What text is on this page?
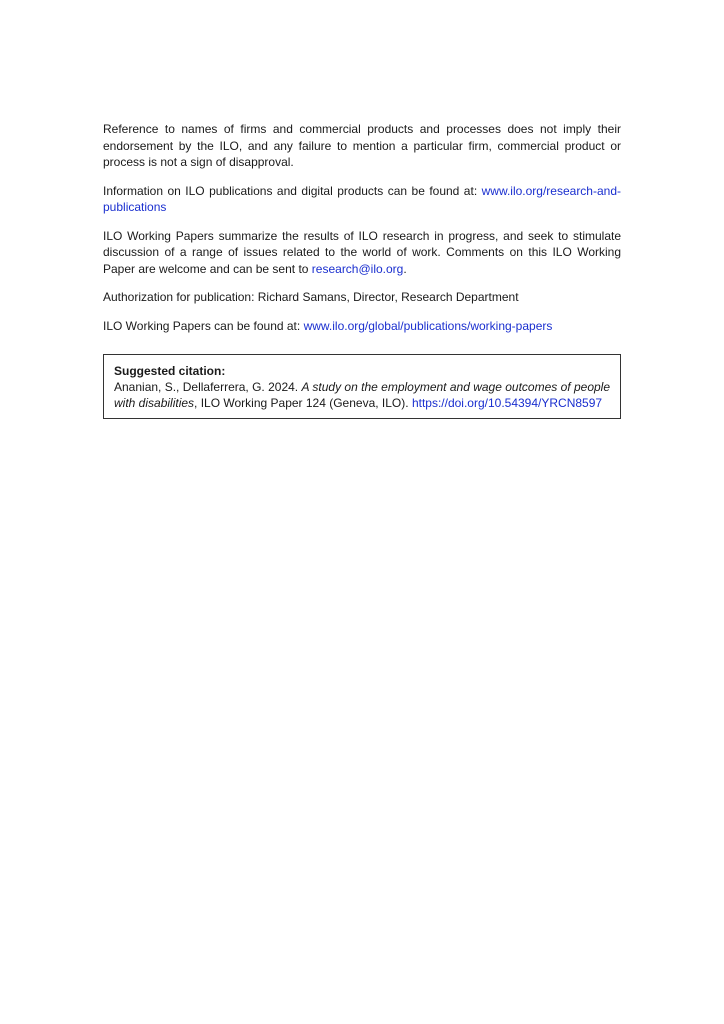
Reference to names of firms and commercial products and processes does not imply their endorsement by the ILO, and any failure to mention a particular firm, commercial product or process is not a sign of disapproval.

Information on ILO publications and digital products can be found at: www.ilo.org/research-and-publications

ILO Working Papers summarize the results of ILO research in progress, and seek to stimulate discussion of a range of issues related to the world of work. Comments on this ILO Working Paper are welcome and can be sent to research@ilo.org.

Authorization for publication: Richard Samans, Director, Research Department

ILO Working Papers can be found at: www.ilo.org/global/publications/working-papers

Suggested citation:

Ananian, S., Dellaferrera, G. 2024. A study on the employment and wage outcomes of people with disabilities, ILO Working Paper 124 (Geneva, ILO). https://doi.org/10.54394/YRCN8597
